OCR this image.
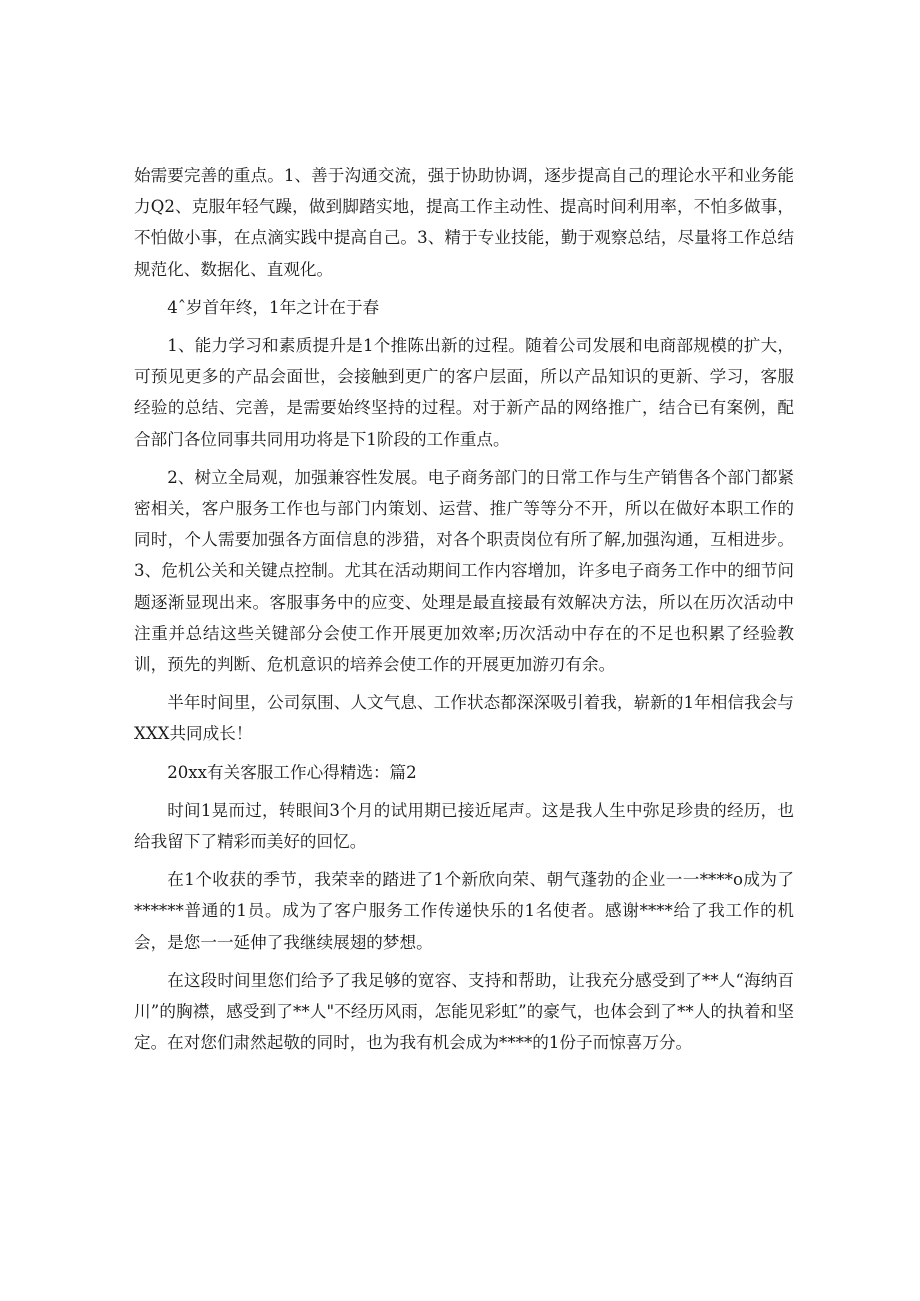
始需要完善的重点。1、善于沟通交流，强于协助协调，逐步提高自己的理论水平和业务能力Q2、克服年轻气躁，做到脚踏实地，提高工作主动性、提高时间利用率，不怕多做事，不怕做小事，在点滴实践中提高自己。3、精于专业技能，勤于观察总结，尽量将工作总结规范化、数据化、直观化。

4ˆ岁首年终，1年之计在于春

1、能力学习和素质提升是1个推陈出新的过程。随着公司发展和电商部规模的扩大，可预见更多的产品会面世，会接触到更广的客户层面，所以产品知识的更新、学习，客服经验的总结、完善，是需要始终坚持的过程。对于新产品的网络推广，结合已有案例，配合部门各位同事共同用功将是下1阶段的工作重点。

2、树立全局观，加强兼容性发展。电子商务部门的日常工作与生产销售各个部门都紧密相关，客户服务工作也与部门内策划、运营、推广等等分不开，所以在做好本职工作的同时，个人需要加强各方面信息的涉猎，对各个职责岗位有所了解,加强沟通，互相进步。3、危机公关和关键点控制。尤其在活动期间工作内容增加，许多电子商务工作中的细节问题逐渐显现出来。客服事务中的应变、处理是最直接最有效解决方法，所以在历次活动中注重并总结这些关键部分会使工作开展更加效率;历次活动中存在的不足也积累了经验教训，预先的判断、危机意识的培养会使工作的开展更加游刃有余。

半年时间里，公司氛围、人文气息、工作状态都深深吸引着我，崭新的1年相信我会与XXX共同成长！

20xx有关客服工作心得精选：篇2

时间1晃而过，转眼间3个月的试用期已接近尾声。这是我人生中弥足珍贵的经历，也给我留下了精彩而美好的回忆。

在1个收获的季节，我荣幸的踏进了1个新欣向荣、朝气蓬勃的企业一一****o成为了******普通的1员。成为了客户服务工作传递快乐的1名使者。感谢****给了我工作的机会，是您一一延伸了我继续展翅的梦想。

在这段时间里您们给予了我足够的宽容、支持和帮助，让我充分感受到了**人“海纳百川”的胸襟，感受到了**人"不经历风雨，怎能见彩虹”的豪气，也体会到了**人的执着和坚定。在对您们肃然起敬的同时，也为我有机会成为****的1份子而惊喜万分。
